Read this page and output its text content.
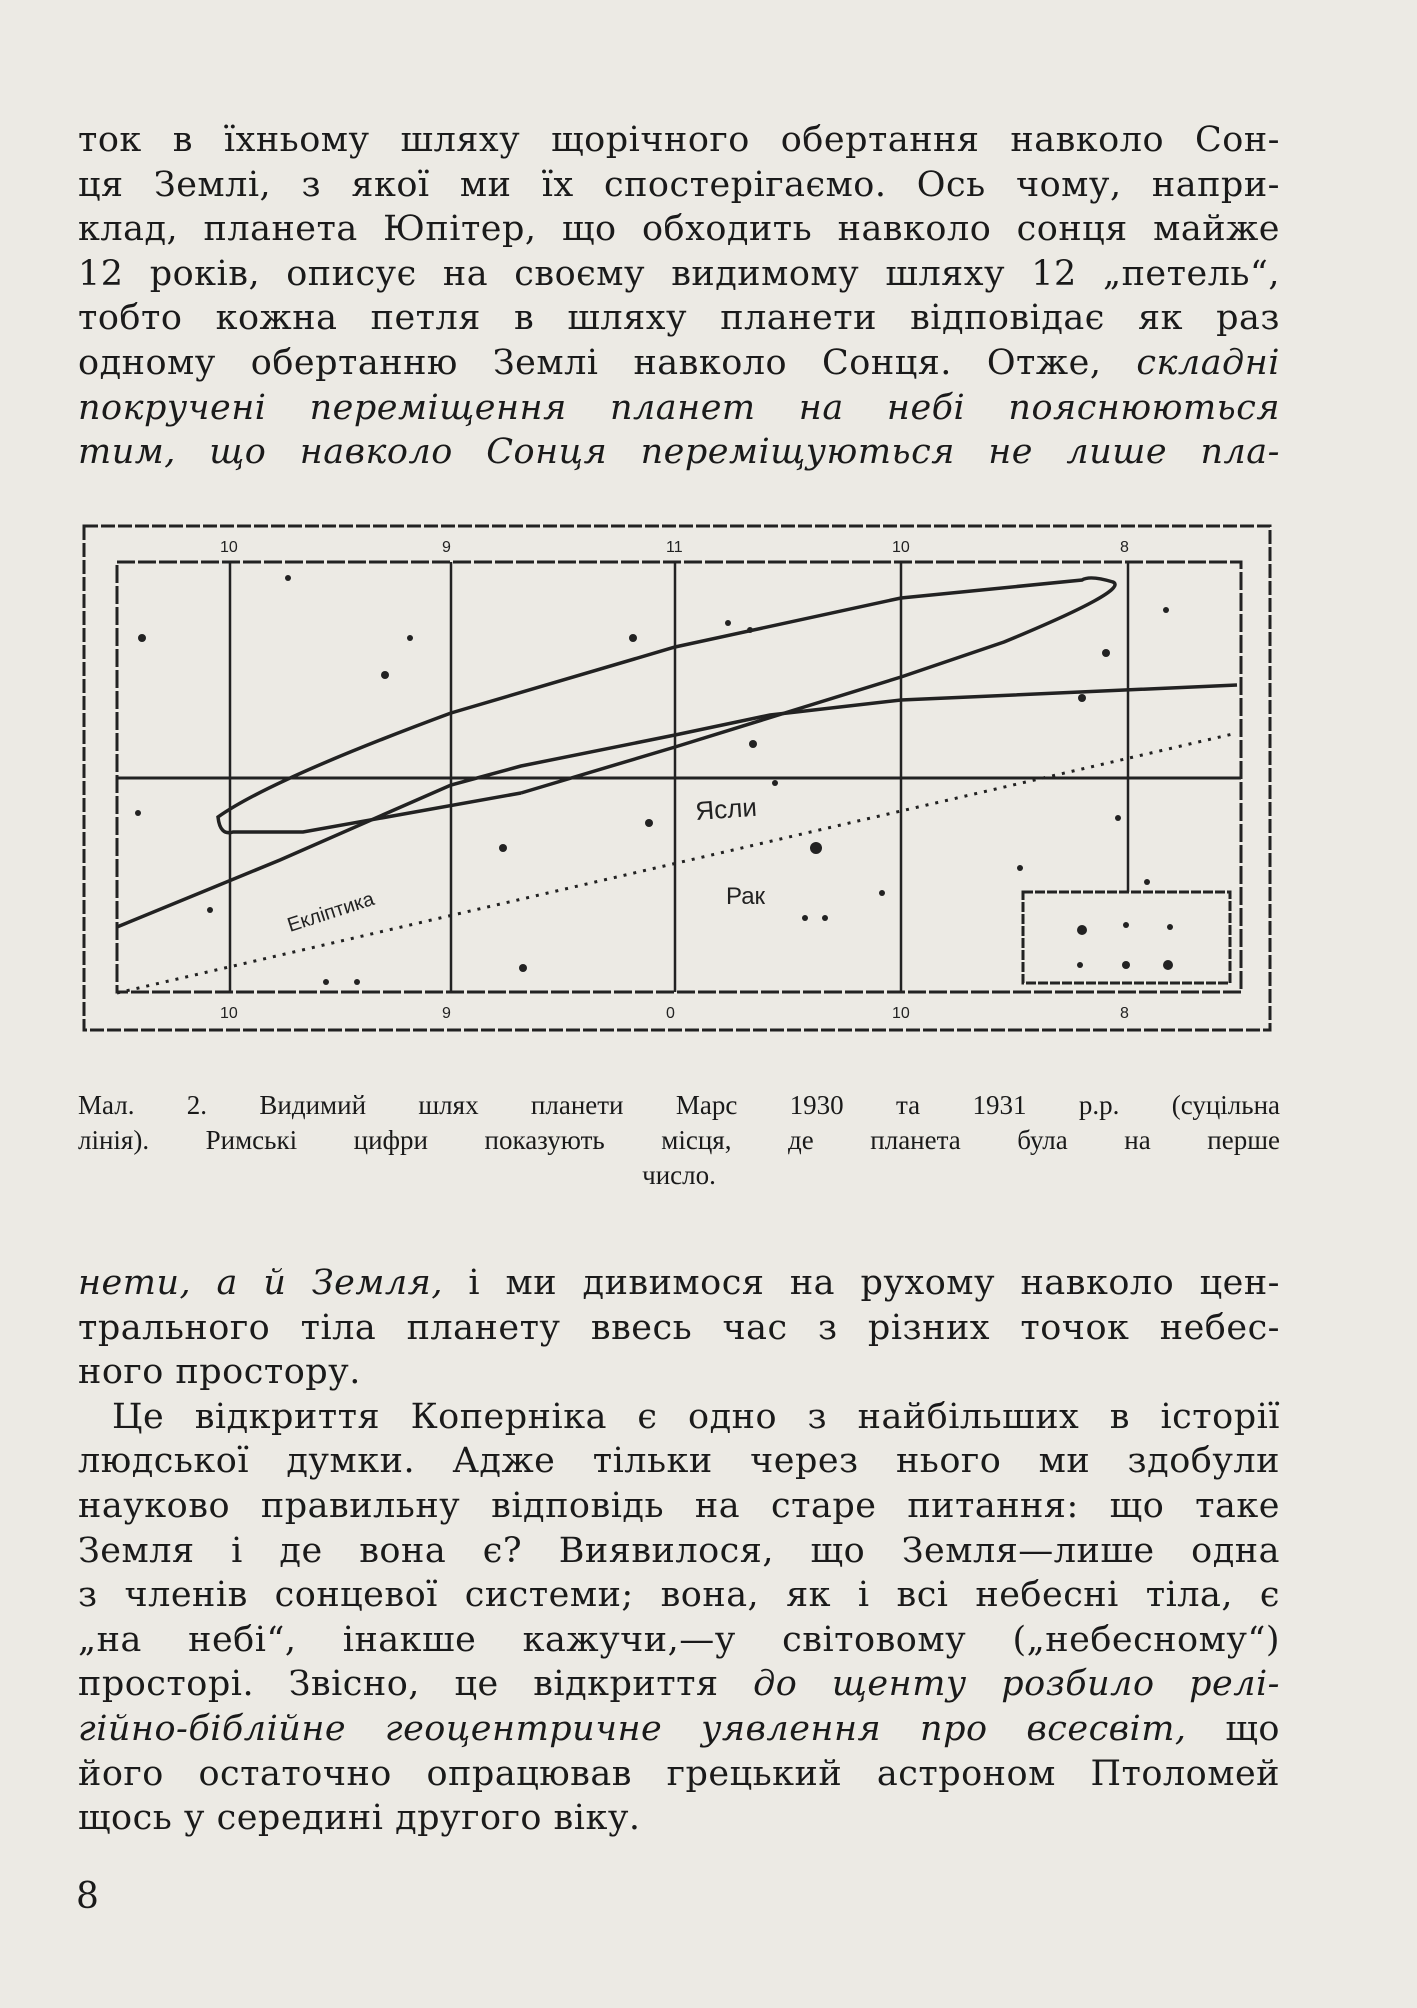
ток в їхньому шляху щорічного обертання навколо Сон-
ця Землі, з якої ми їх спостерігаємо. Ось чому, напри-
клад, планета Юпітер, що обходить навколо сонця майже
12 років, описує на своєму видимому шляху 12 „петель“,
тобто кожна петля в шляху планети відповідає як раз
одному обертанню Землі навколо Сонця. Отже, складні
покручені переміщення планет на небі пояснюються
тим, що навколо Сонця переміщуються не лише пла-
Ясли
Рак
Екліптика
10	9	11	10	8
10	9	0	10	8
Мал. 2. Видимий шлях планети Марс 1930 та 1931 р.р. (суцільна
лінія). Римські цифри показують місця, де планета була на перше
число.
нети, а й Земля, і ми дивимося на рухому навколо цен-
трального тіла планету ввесь час з різних точок небес-
ного простору.
Це відкриття Коперніка є одно з найбільших в історії
людської думки. Адже тільки через нього ми здобули
науково правильну відповідь на старе питання: що таке
Земля і де вона є? Виявилося, що Земля—лише одна
з членів сонцевої системи; вона, як і всі небесні тіла, є
„на небі“, інакше кажучи,—у світовому („небесному“)
просторі. Звісно, це відкриття до щенту розбило релі-
гійно-біблійне геоцентричне уявлення про всесвіт, що
його остаточно опрацював грецький астроном Птоломей
щось у середині другого віку.
8
